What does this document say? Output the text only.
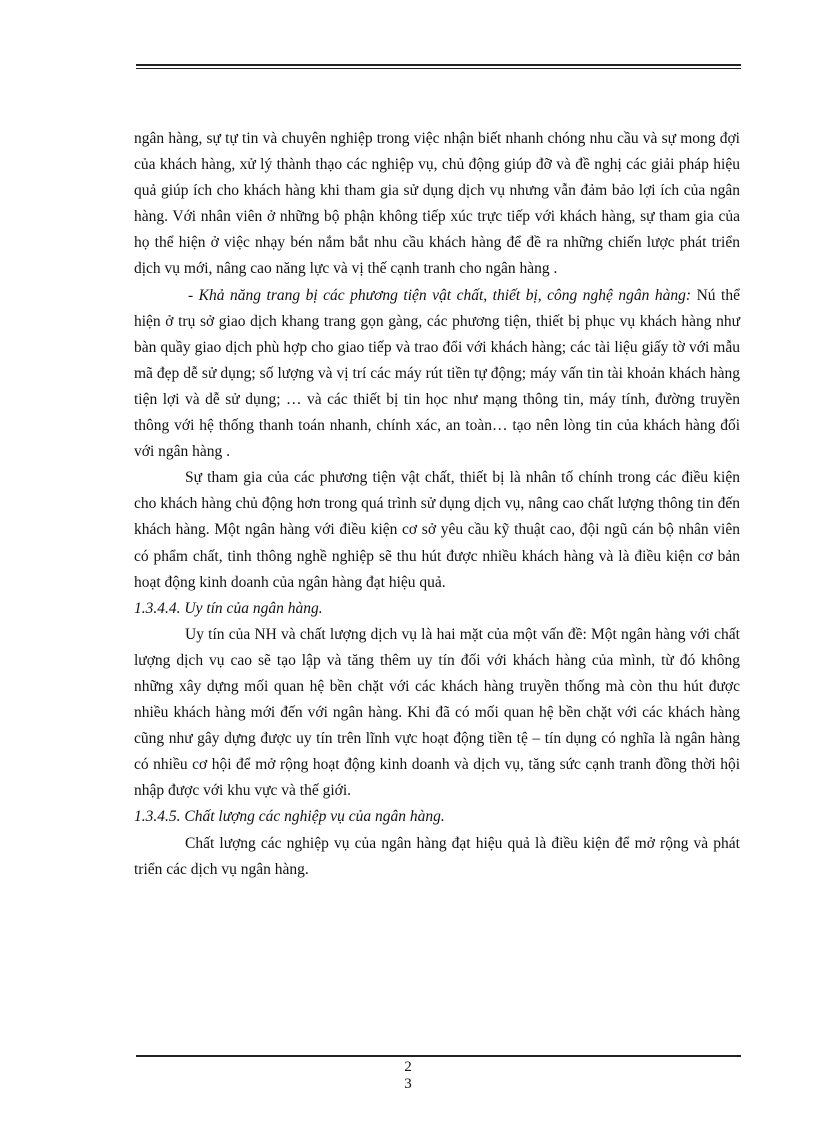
ngân hàng, sự tự tin và chuyên nghiệp trong việc nhận biết nhanh chóng nhu cầu và sự mong đợi của khách hàng, xử lý thành thạo các nghiệp vụ, chủ động giúp đỡ và đề nghị các giải pháp hiệu quả giúp ích cho khách hàng khi tham gia sử dụng dịch vụ nhưng vẫn đảm bảo lợi ích của ngân hàng. Với nhân viên ở những bộ phận không tiếp xúc trực tiếp với khách hàng, sự tham gia của họ thể hiện ở việc nhạy bén nắm bắt nhu cầu khách hàng để đề ra những chiến lược phát triển dịch vụ mới, nâng cao năng lực và vị thế cạnh tranh cho ngân hàng .

- Khả năng trang bị các phương tiện vật chất, thiết bị, công nghệ ngân hàng: Nú thể hiện ở trụ sở giao dịch khang trang gọn gàng, các phương tiện, thiết bị phục vụ khách hàng như bàn quầy giao dịch phù hợp cho giao tiếp và trao đổi với khách hàng; các tài liệu giấy tờ với mẫu mã đẹp dễ sử dụng; số lượng và vị trí các máy rút tiền tự động; máy vấn tin tài khoản khách hàng tiện lợi và dễ sử dụng; … và các thiết bị tin học như mạng thông tin, máy tính, đường truyền thông với hệ thống thanh toán nhanh, chính xác, an toàn… tạo nên lòng tin của khách hàng đối với ngân hàng .

Sự tham gia của các phương tiện vật chất, thiết bị là nhân tố chính trong các điều kiện cho khách hàng chủ động hơn trong quá trình sử dụng dịch vụ, nâng cao chất lượng thông tin đến khách hàng. Một ngân hàng với điều kiện cơ sở yêu cầu kỹ thuật cao, đội ngũ cán bộ nhân viên có phẩm chất, tinh thông nghề nghiệp sẽ thu hút được nhiều khách hàng và là điều kiện cơ bản hoạt động kinh doanh của ngân hàng đạt hiệu quả.

1.3.4.4. Uy tín của ngân hàng.

Uy tín của NH và chất lượng dịch vụ là hai mặt của một vấn đề: Một ngân hàng với chất lượng dịch vụ cao sẽ tạo lập và tăng thêm uy tín đối với khách hàng của mình, từ đó không những xây dựng mối quan hệ bền chặt với các khách hàng truyền thống mà còn thu hút được nhiều khách hàng mới đến với ngân hàng. Khi đã có mối quan hệ bền chặt với các khách hàng cũng như gây dựng được uy tín trên lĩnh vực hoạt động tiền tệ – tín dụng có nghĩa là ngân hàng có nhiều cơ hội để mở rộng hoạt động kinh doanh và dịch vụ, tăng sức cạnh tranh đồng thời hội nhập được với khu vực và thế giới.

1.3.4.5. Chất lượng các nghiệp vụ của ngân hàng.

Chất lượng các nghiệp vụ của ngân hàng đạt hiệu quả là điều kiện để mở rộng và phát triển các dịch vụ ngân hàng.

2
3
